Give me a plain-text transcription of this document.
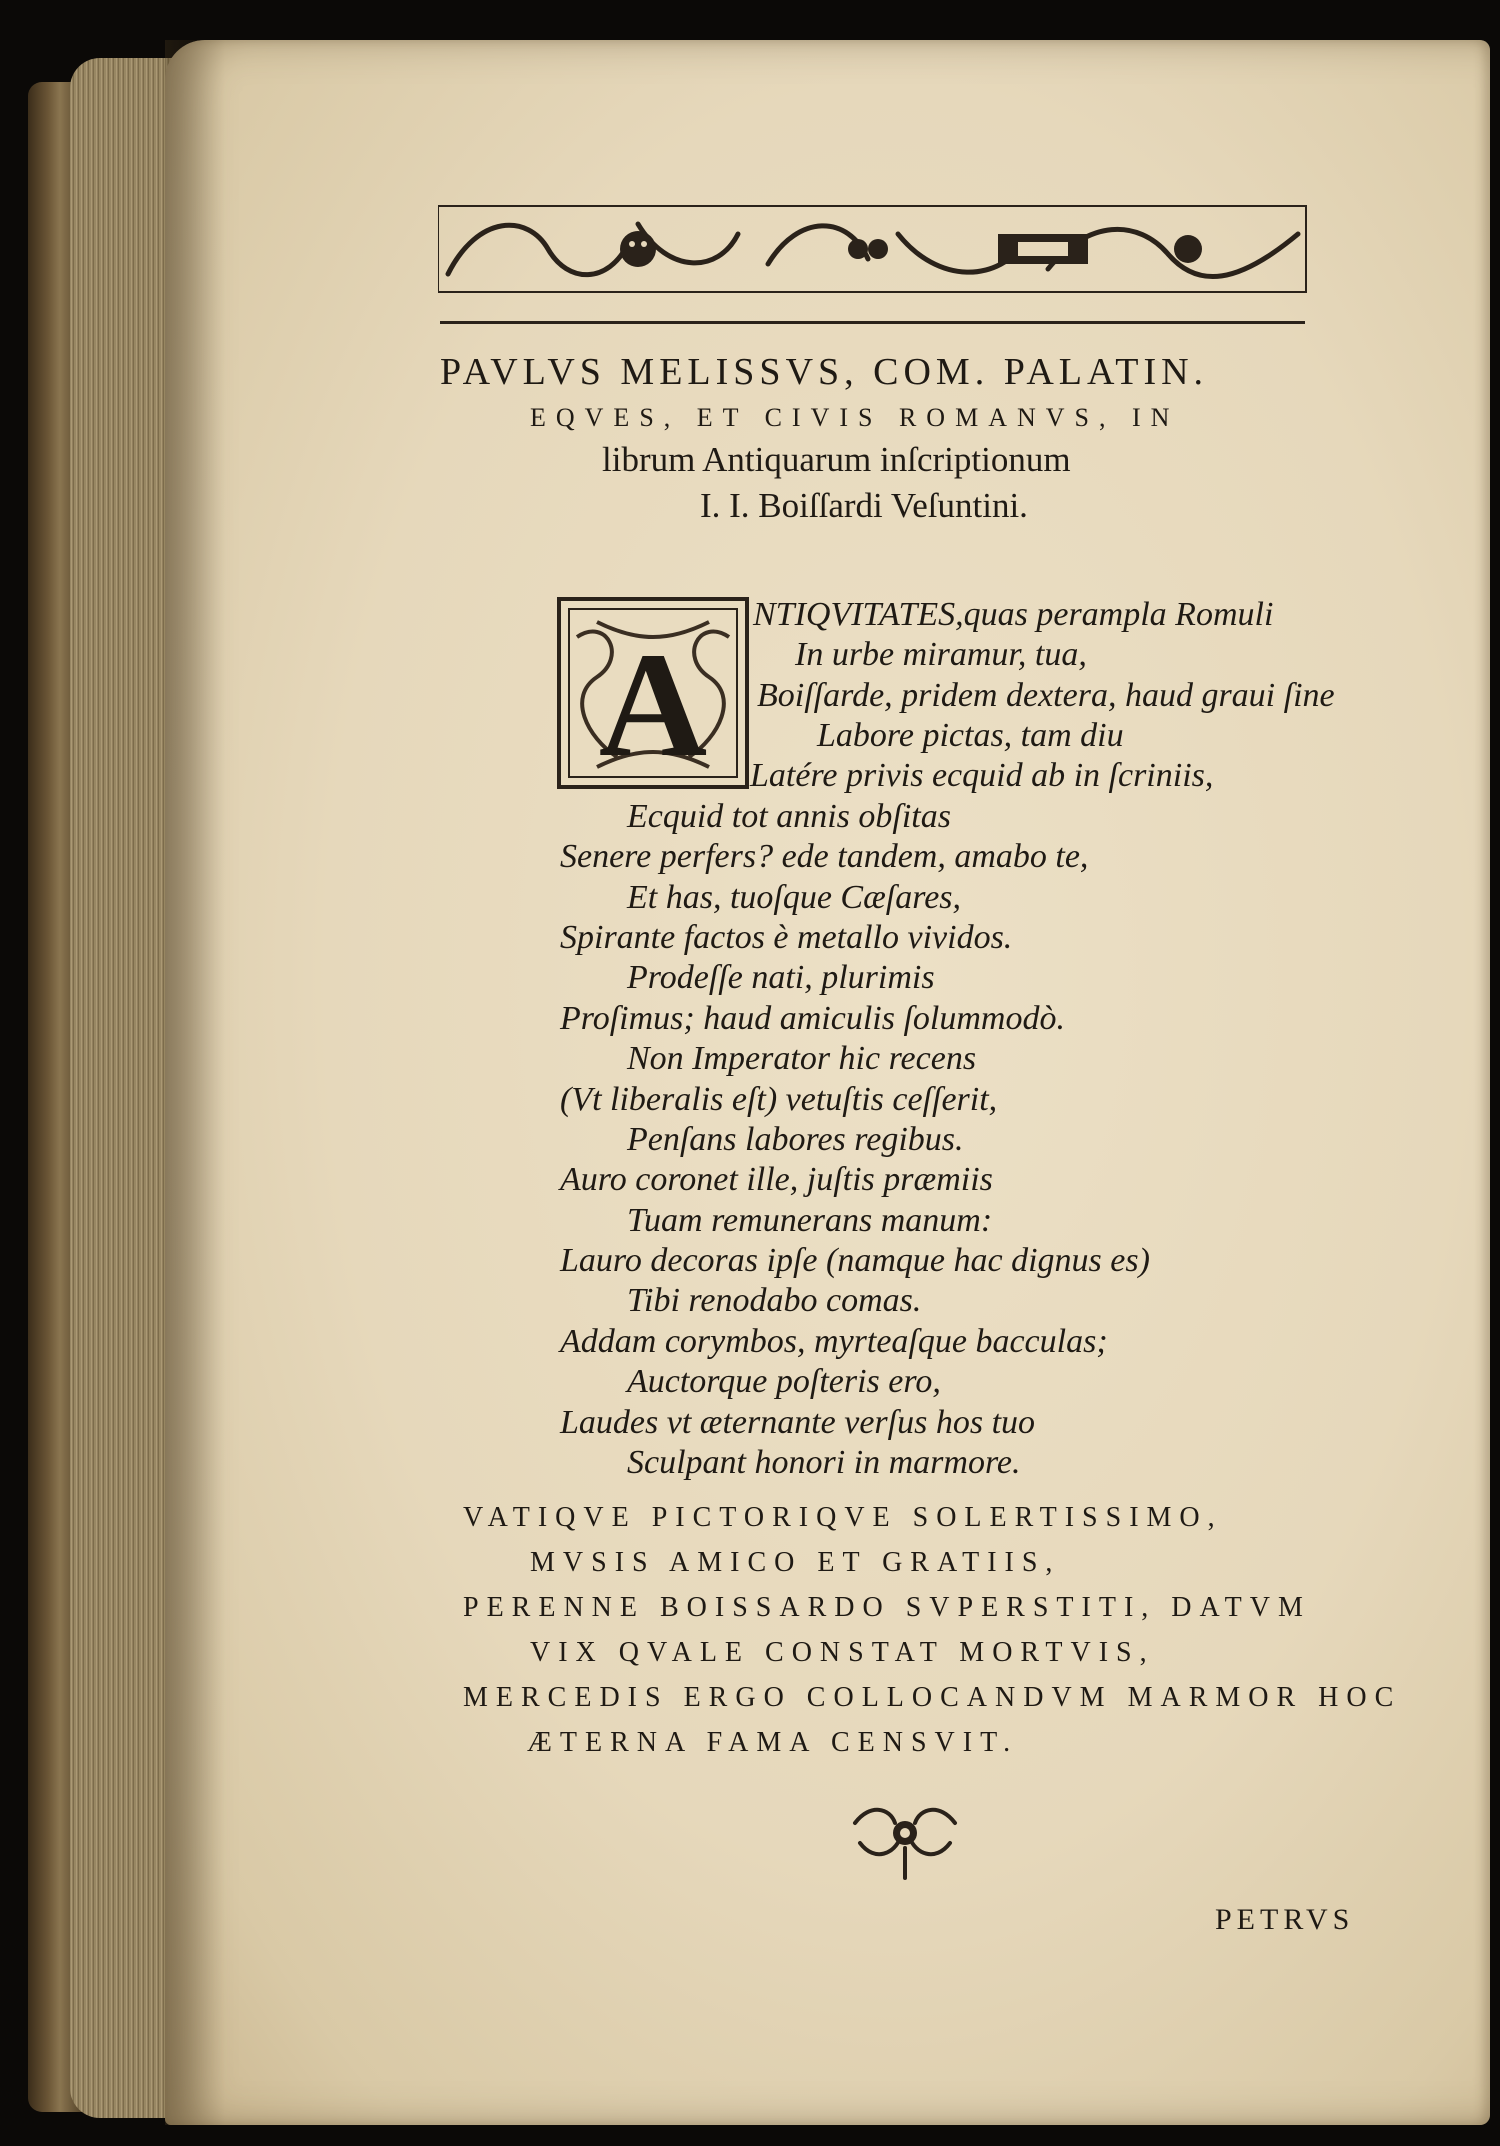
PAVLVS MELISSVS, COM. PALATIN.
EQVES, ET CIVIS ROMANVS, IN
librum Antiquarum inſcriptionum
I. I. Boiſſardi Veſuntini.
A
NTIQVITATES,quas perampla Romuli
In urbe miramur, tua,
Boiſſarde, pridem dextera, haud graui ſine
Labore pictas, tam diu
Latére privis ecquid ab in ſcriniis,
Ecquid tot annis obſitas
Senere perfers? ede tandem, amabo te,
Et has, tuoſque Cæſares,
Spirante factos è metallo vividos.
Prodeſſe nati, plurimis
Proſimus; haud amiculis ſolummodò.
Non Imperator hic recens
(Vt liberalis eſt) vetuſtis ceſſerit,
Penſans labores regibus.
Auro coronet ille, juſtis præmiis
Tuam remunerans manum:
Lauro decoras ipſe (namque hac dignus es)
Tibi renodabo comas.
Addam corymbos, myrteaſque bacculas;
Auctorque poſteris ero,
Laudes vt æternante verſus hos tuo
Sculpant honori in marmore.
VATIQVE PICTORIQVE SOLERTISSIMO,
MVSIS AMICO ET GRATIIS,
PERENNE BOISSARDO SVPERSTITI, DATVM
VIX QVALE CONSTAT MORTVIS,
MERCEDIS ERGO COLLOCANDVM MARMOR HOC
ÆTERNA FAMA CENSVIT.
PETRVS
